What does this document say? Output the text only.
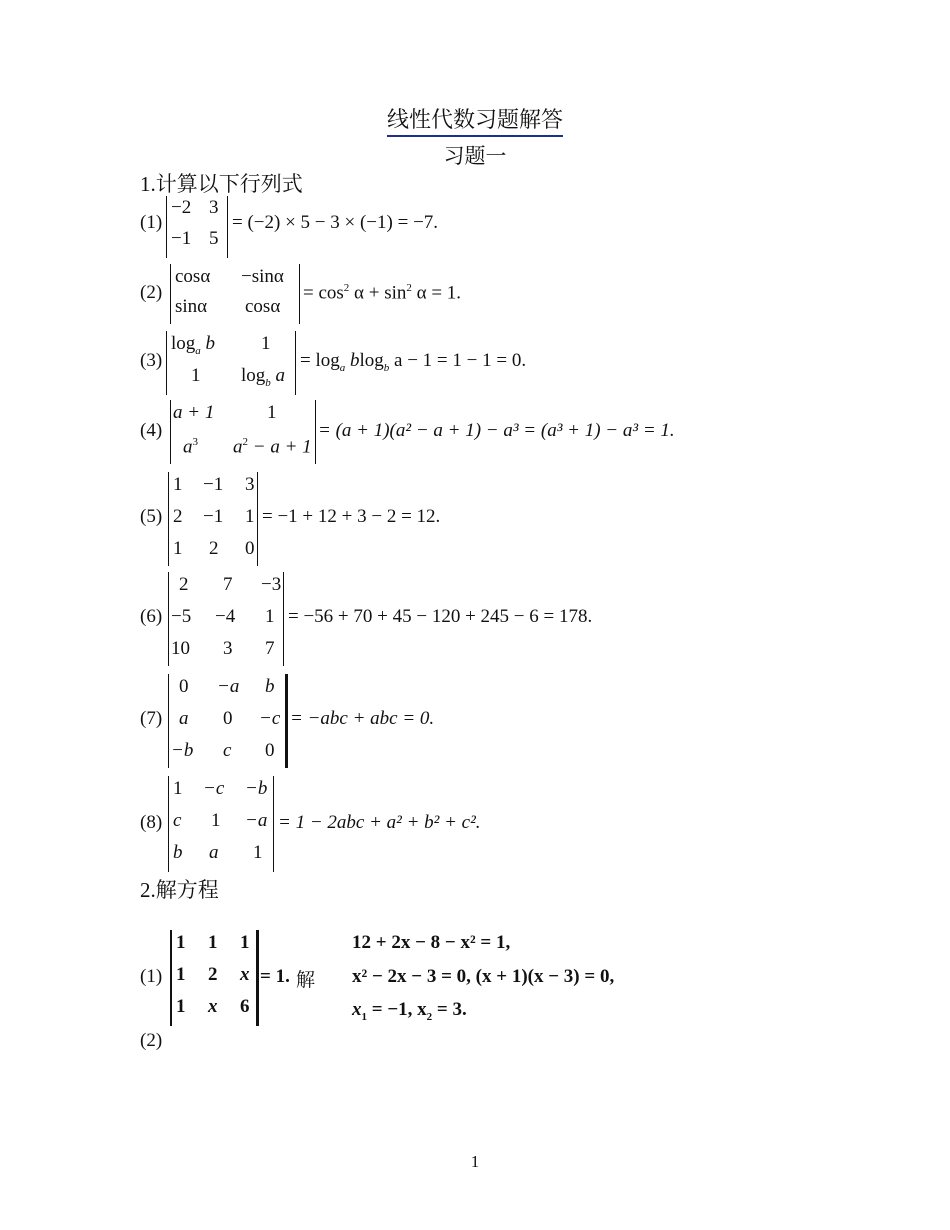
线性代数习题解答
习题一
1.计算以下行列式
(1)
−2 3
−1 5
= (−2) × 5 − 3 × (−1) = −7.
(2)
cosα −sinα
sinα cosα
= $\cos^2 \alpha + \sin^2 \alpha = 1$.
(3)
$\log_a b$ 1
1 $\log_b a$
= $\log_a blog_b$ a − 1 = 1 − 1 = 0.
(4)
a + 1	1
$a^3$ $a^2 - a + 1$
= (a + 1)(a² − a + 1) − a³ = (a³ + 1) − a³ = 1.
(5)
1 −1 3
2 −1 1
1 2 0
= −1 + 12 + 3 − 2 = 12.
(6)
2 7 −3
−5 −4 1
10 3 7
= −56 + 70 + 45 − 120 + 245 − 6 = 178.
(7)
0 −a b
a 0 −c
−b c 0
= −abc + abc = 0.
(8)
1 −c −b
c 1 −a
b a 1
= 1 − 2abc + a² + b² + c².
2.解方程
(1)
1 1 1
1 2 x
1 x 6
= 1. 解
12 + 2x − 8 − x² = 1,
x² − 2x − 3 = 0, (x + 1)(x − 3) = 0,
$x_1 = -1$, $x_2 = 3$.
(2)
1
